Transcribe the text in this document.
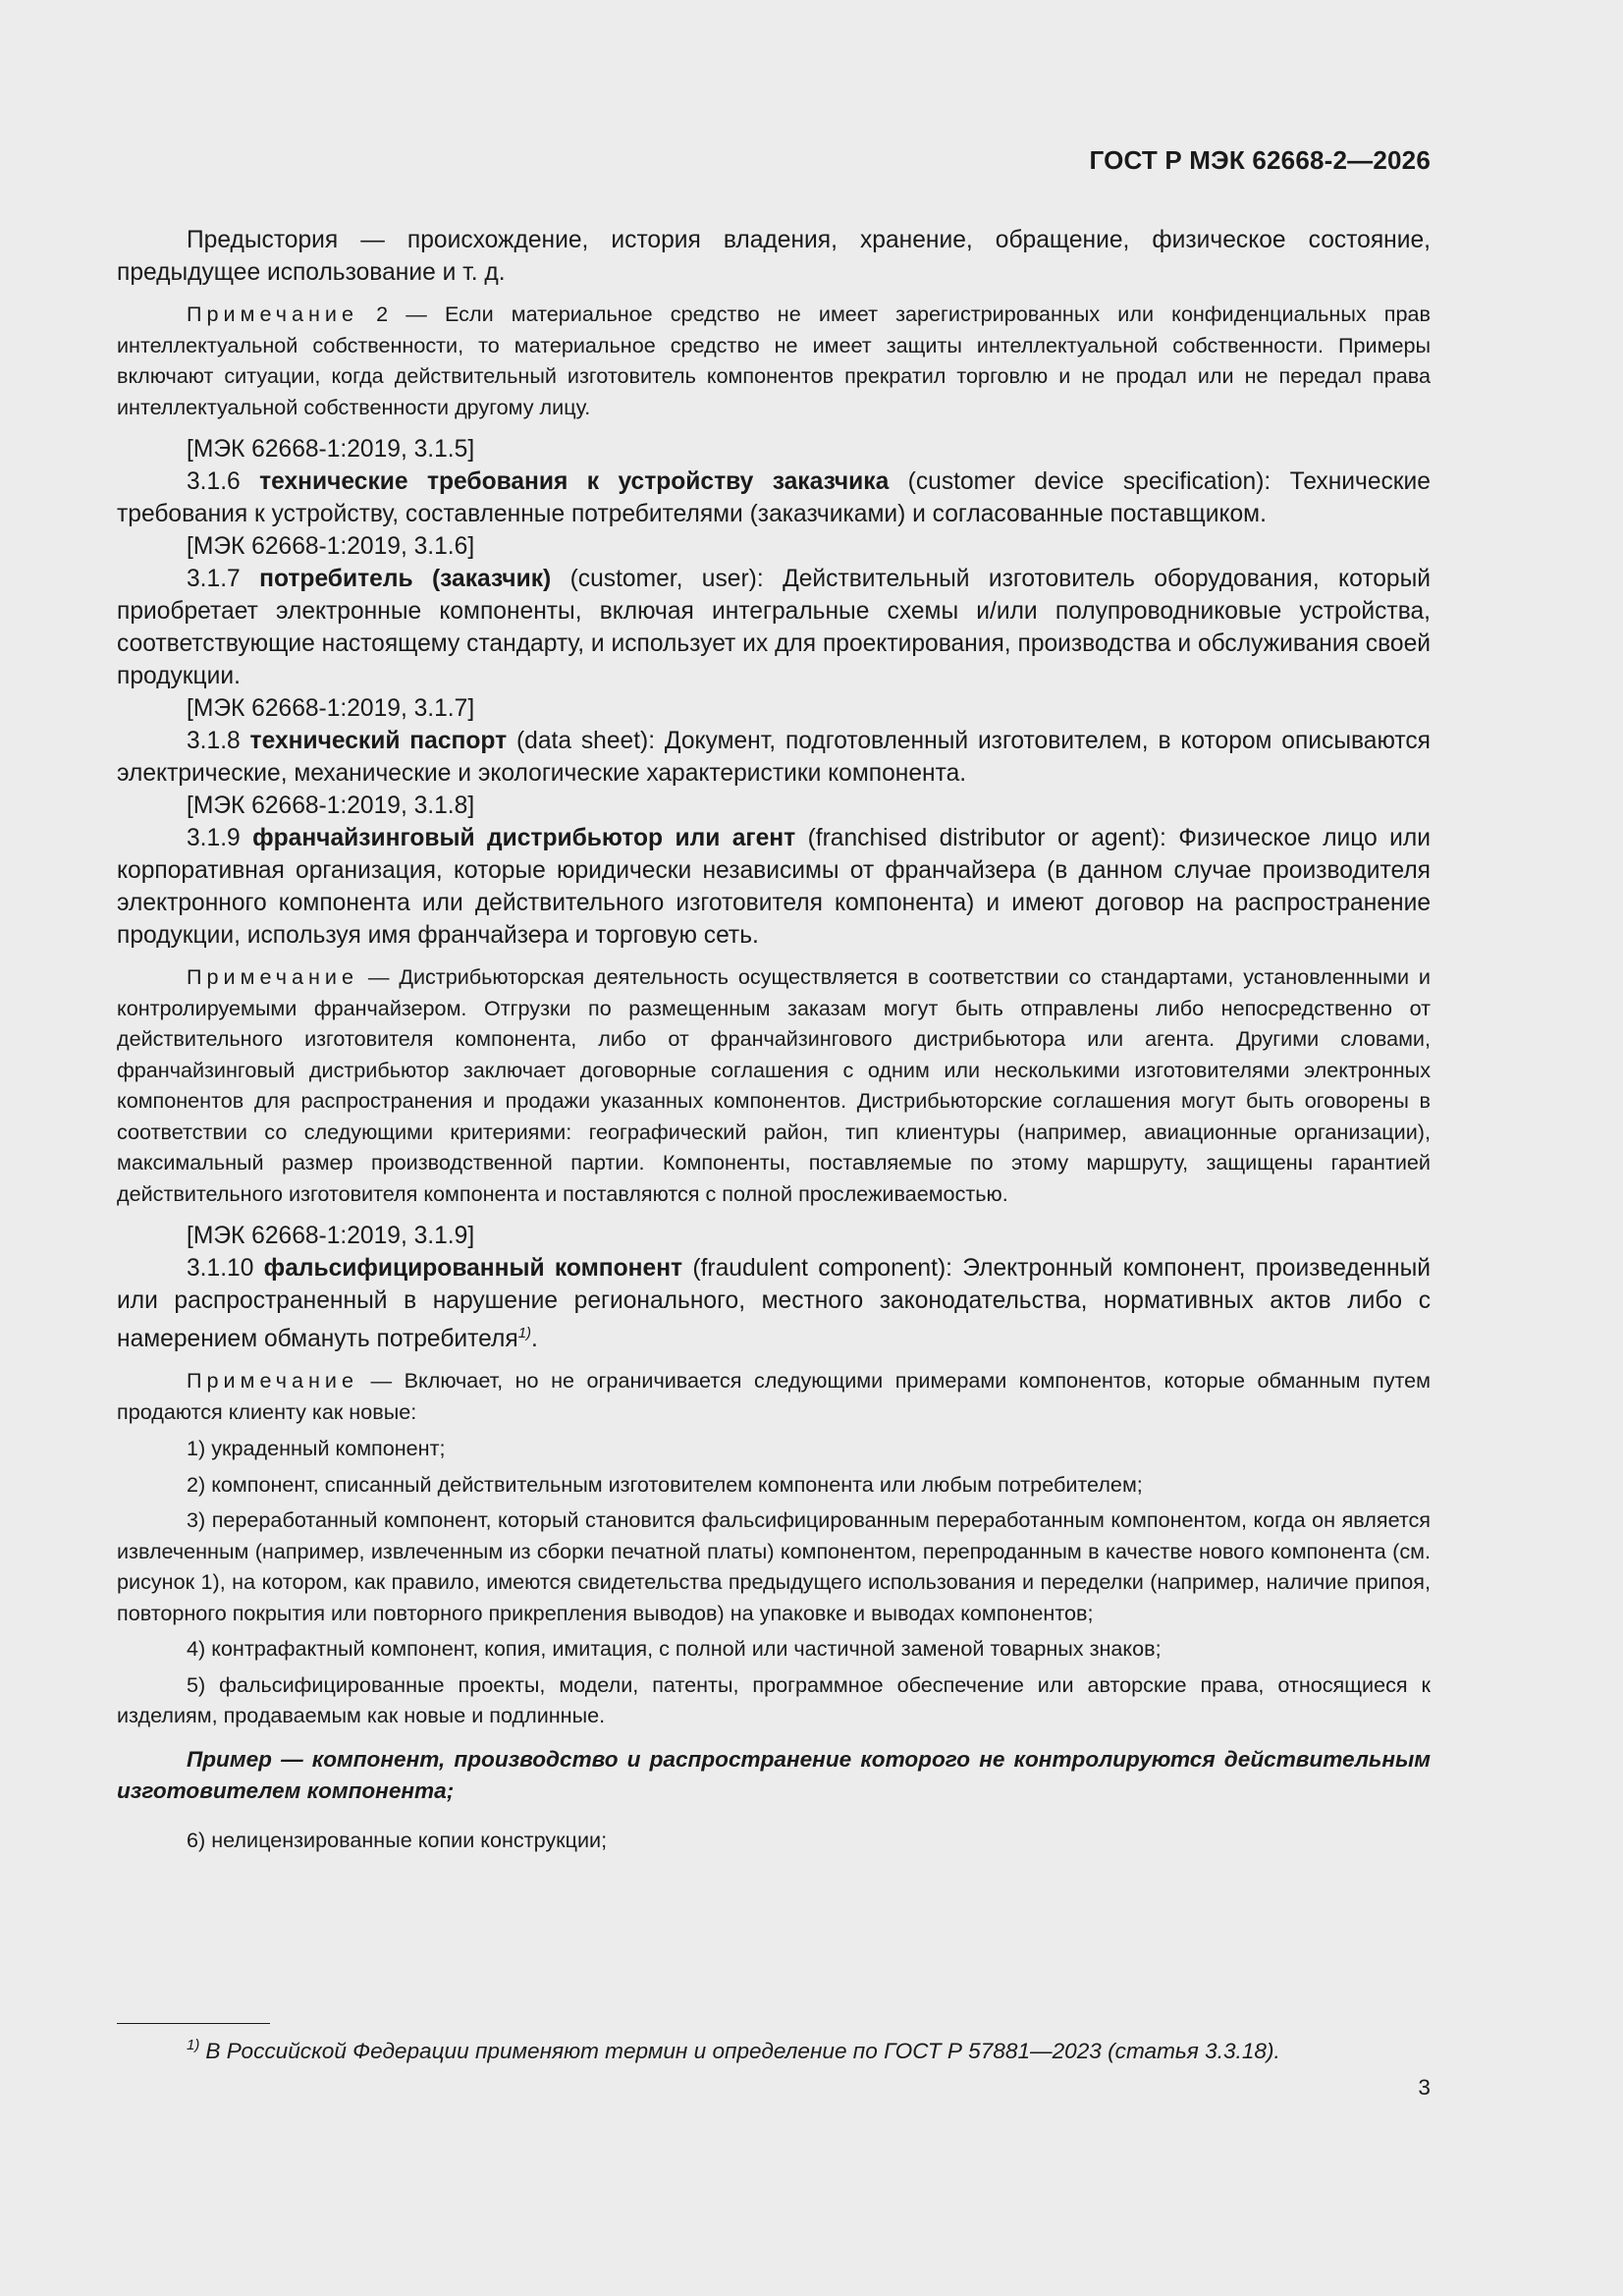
ГОСТ Р МЭК 62668-2—2026

Предыстория — происхождение, история владения, хранение, обращение, физическое состояние, предыдущее использование и т. д.

Примечание 2 — Если материальное средство не имеет зарегистрированных или конфиденциальных прав интеллектуальной собственности, то материальное средство не имеет защиты интеллектуальной собственности. Примеры включают ситуации, когда действительный изготовитель компонентов прекратил торговлю и не продал или не передал права интеллектуальной собственности другому лицу.

[МЭК 62668-1:2019, 3.1.5]

3.1.6 технические требования к устройству заказчика (customer device specification): Технические требования к устройству, составленные потребителями (заказчиками) и согласованные поставщиком.

[МЭК 62668-1:2019, 3.1.6]

3.1.7 потребитель (заказчик) (customer, user): Действительный изготовитель оборудования, который приобретает электронные компоненты, включая интегральные схемы и/или полупроводниковые устройства, соответствующие настоящему стандарту, и использует их для проектирования, производства и обслуживания своей продукции.

[МЭК 62668-1:2019, 3.1.7]

3.1.8 технический паспорт (data sheet): Документ, подготовленный изготовителем, в котором описываются электрические, механические и экологические характеристики компонента.

[МЭК 62668-1:2019, 3.1.8]

3.1.9 франчайзинговый дистрибьютор или агент (franchised distributor or agent): Физическое лицо или корпоративная организация, которые юридически независимы от франчайзера (в данном случае производителя электронного компонента или действительного изготовителя компонента) и имеют договор на распространение продукции, используя имя франчайзера и торговую сеть.

Примечание — Дистрибьюторская деятельность осуществляется в соответствии со стандартами, установленными и контролируемыми франчайзером. Отгрузки по размещенным заказам могут быть отправлены либо непосредственно от действительного изготовителя компонента, либо от франчайзингового дистрибьютора или агента. Другими словами, франчайзинговый дистрибьютор заключает договорные соглашения с одним или несколькими изготовителями электронных компонентов для распространения и продажи указанных компонентов. Дистрибьюторские соглашения могут быть оговорены в соответствии со следующими критериями: географический район, тип клиентуры (например, авиационные организации), максимальный размер производственной партии. Компоненты, поставляемые по этому маршруту, защищены гарантией действительного изготовителя компонента и поставляются с полной прослеживаемостью.

[МЭК 62668-1:2019, 3.1.9]

3.1.10 фальсифицированный компонент (fraudulent component): Электронный компонент, произведенный или распространенный в нарушение регионального, местного законодательства, нормативных актов либо с намерением обмануть потребителя$^{1)}$.

Примечание — Включает, но не ограничивается следующими примерами компонентов, которые обманным путем продаются клиенту как новые:

1) украденный компонент;

2) компонент, списанный действительным изготовителем компонента или любым потребителем;

3) переработанный компонент, который становится фальсифицированным переработанным компонентом, когда он является извлеченным (например, извлеченным из сборки печатной платы) компонентом, перепроданным в качестве нового компонента (см. рисунок 1), на котором, как правило, имеются свидетельства предыдущего использования и переделки (например, наличие припоя, повторного покрытия или повторного прикрепления выводов) на упаковке и выводах компонентов;

4) контрафактный компонент, копия, имитация, с полной или частичной заменой товарных знаков;

5) фальсифицированные проекты, модели, патенты, программное обеспечение или авторские права, относящиеся к изделиям, продаваемым как новые и подлинные.

Пример — компонент, производство и распространение которого не контролируются действительным изготовителем компонента;

6) нелицензированные копии конструкции;

$^{1)}$ В Российской Федерации применяют термин и определение по ГОСТ Р 57881—2023 (статья 3.3.18).
3
